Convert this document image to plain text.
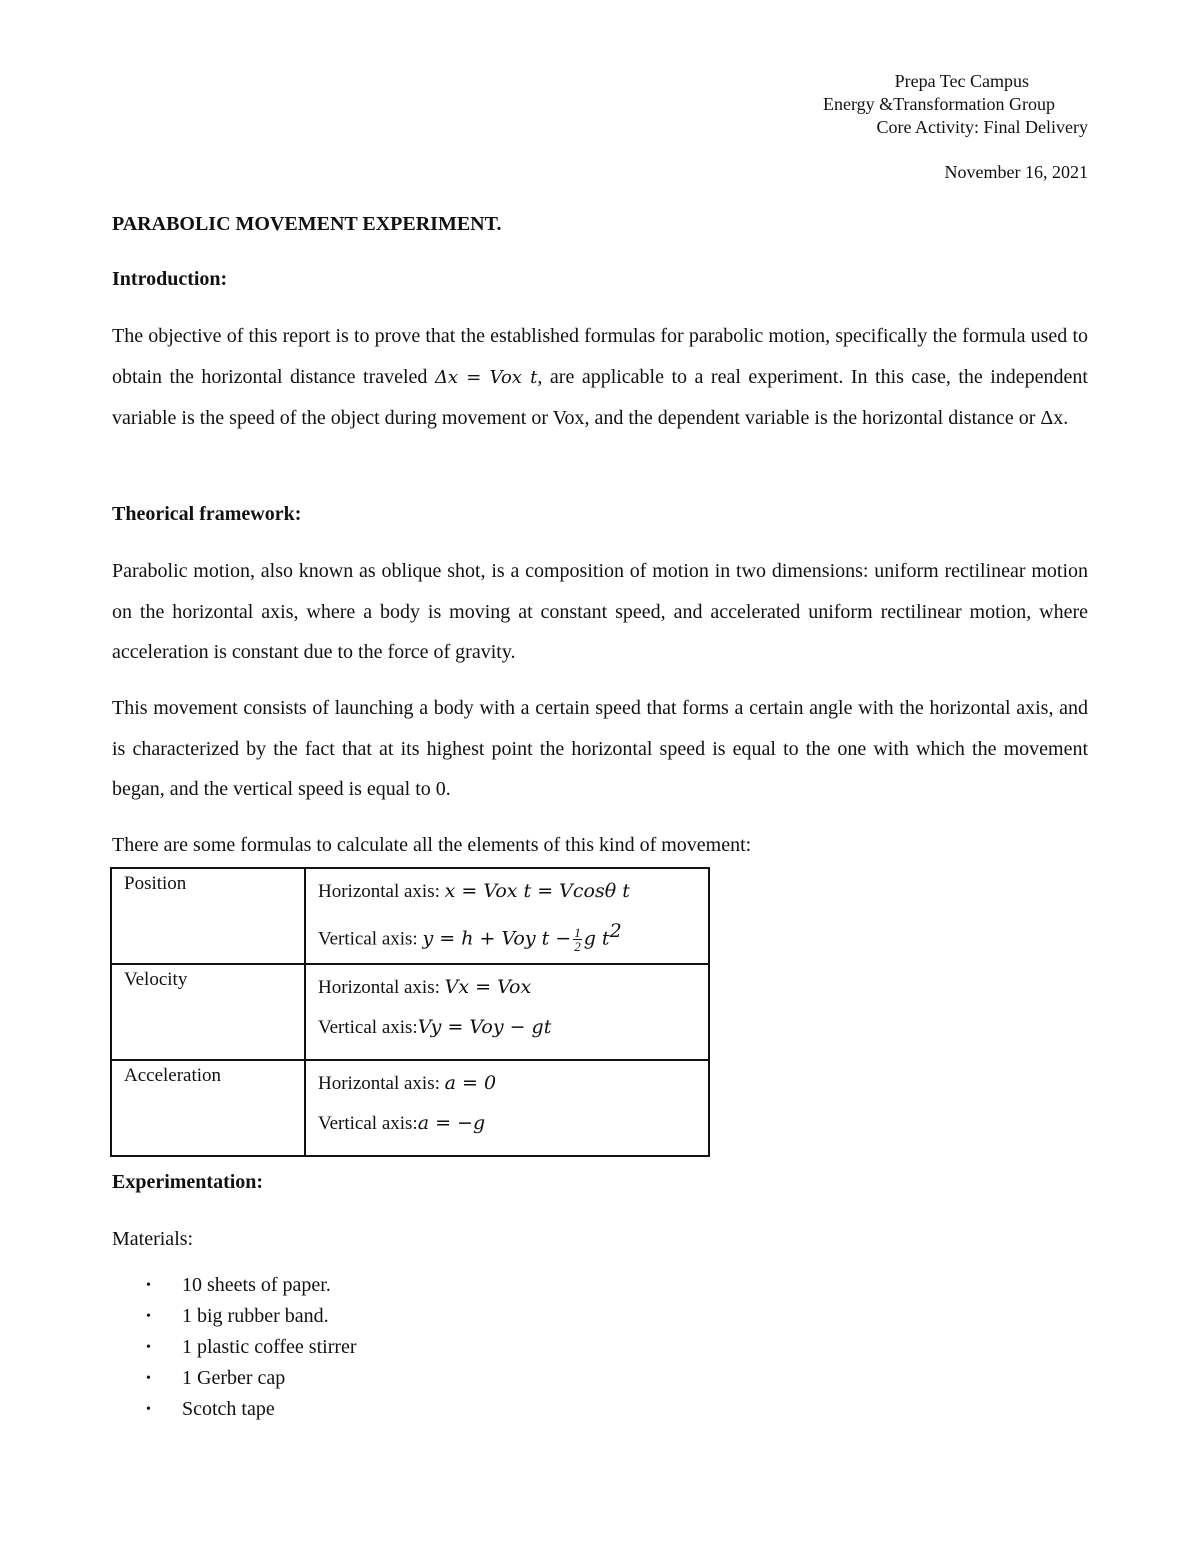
Prepa Tec Campus
Energy &Transformation Group
Core Activity: Final Delivery
November 16, 2021
PARABOLIC MOVEMENT EXPERIMENT.
Introduction:
The objective of this report is to prove that the established formulas for parabolic motion, specifically the formula used to obtain the horizontal distance traveled Δx = Vox t, are applicable to a real experiment. In this case, the independent variable is the speed of the object during movement or Vox, and the dependent variable is the horizontal distance or Δx.
Theorical framework:
Parabolic motion, also known as oblique shot, is a composition of motion in two dimensions: uniform rectilinear motion on the horizontal axis, where a body is moving at constant speed, and accelerated uniform rectilinear motion, where acceleration is constant due to the force of gravity.
This movement consists of launching a body with a certain speed that forms a certain angle with the horizontal axis, and is characterized by the fact that at its highest point the horizontal speed is equal to the one with which the movement began, and the vertical speed is equal to 0.
There are some formulas to calculate all the elements of this kind of movement:
Position	Horizontal axis: x = Vox t = Vcosθ t
Vertical axis: y = h + Voy $t - \frac{1}{2}$ g $t^2$

Velocity	Horizontal axis: Vx = Vox
Vertical axis:Vy = Voy − gt

Acceleration	Horizontal axis: a = 0
Vertical axis:a = −g
Experimentation:
Materials:
• 10 sheets of paper.
• 1 big rubber band.
• 1 plastic coffee stirrer
• 1 Gerber cap
• Scotch tape
